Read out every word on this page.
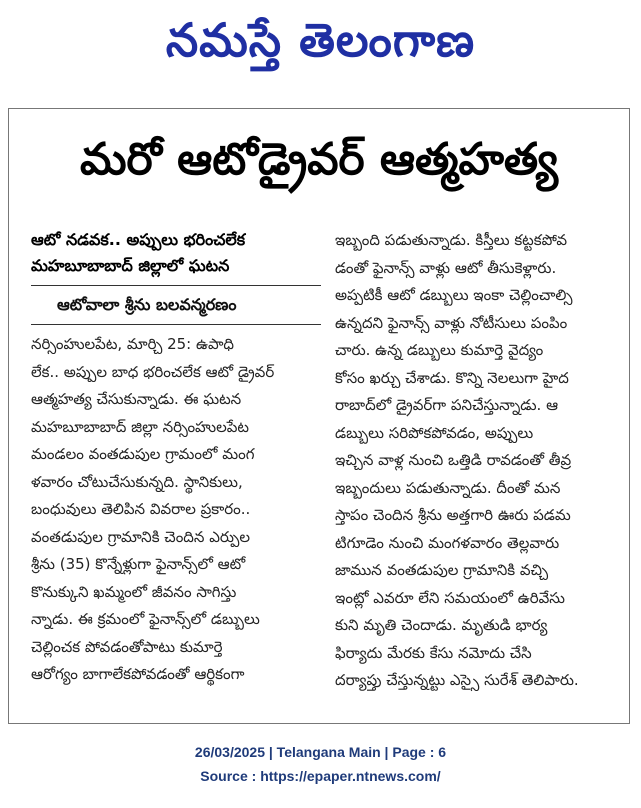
నమస్తే తెలంగాణ
మరో ఆటోడ్రైవర్ ఆత్మహత్య
ఆటో నడవక.. అప్పులు భరించలేక
మహబూబాబాద్ జిల్లాలో ఘటన
ఆటోవాలా శ్రీను బలవన్మరణం
నర్సింహులపేట, మార్చి 25: ఉపాధి
లేక.. అప్పుల బాధ భరించలేక ఆటో డ్రైవర్
ఆత్మహత్య చేసుకున్నాడు. ఈ ఘటన
మహబూబాబాద్ జిల్లా నర్సింహులపేట
మండలం వంతడుపుల గ్రామంలో మంగ
ళవారం చోటుచేసుకున్నది. స్థానికులు,
బంధువులు తెలిపిన వివరాల ప్రకారం..
వంతడుపుల గ్రామానికి చెందిన ఎర్పుల
శ్రీను (35) కొన్నేళ్లుగా ఫైనాన్స్‌లో ఆటో
కొనుక్కుని ఖమ్మంలో జీవనం సాగిస్తు
న్నాడు. ఈ క్రమంలో ఫైనాన్స్‌లో డబ్బులు
చెల్లించక పోవడంతోపాటు కుమార్తె
ఆరోగ్యం బాగాలేకపోవడంతో ఆర్థికంగా
ఇబ్బంది పడుతున్నాడు. కిస్తీలు కట్టకపోవ
డంతో ఫైనాన్స్ వాళ్లు ఆటో తీసుకెళ్లారు.
అప్పటికీ ఆటో డబ్బులు ఇంకా చెల్లించాల్సి
ఉన్నదని ఫైనాన్స్ వాళ్లు నోటీసులు పంపిం
చారు. ఉన్న డబ్బులు కుమార్తె వైద్యం
కోసం ఖర్చు చేశాడు. కొన్ని నెలలుగా హైద
రాబాద్‌లో డ్రైవర్‌గా పనిచేస్తున్నాడు. ఆ
డబ్బులు సరిపోకపోవడం, అప్పులు
ఇచ్చిన వాళ్ల నుంచి ఒత్తిడి రావడంతో తీవ్ర
ఇబ్బందులు పడుతున్నాడు. దీంతో మన
స్తాపం చెందిన శ్రీను అత్తగారి ఊరు పడమ
టిగూడెం నుంచి మంగళవారం తెల్లవారు
జామున వంతడుపుల గ్రామానికి వచ్చి
ఇంట్లో ఎవరూ లేని సమయంలో ఉరివేసు
కుని మృతి చెందాడు. మృతుడి భార్య
ఫిర్యాదు మేరకు కేసు నమోదు చేసి
దర్యాప్తు చేస్తున్నట్టు ఎస్సై సురేశ్ తెలిపారు.
26/03/2025 | Telangana Main | Page : 6
Source : https://epaper.ntnews.com/
